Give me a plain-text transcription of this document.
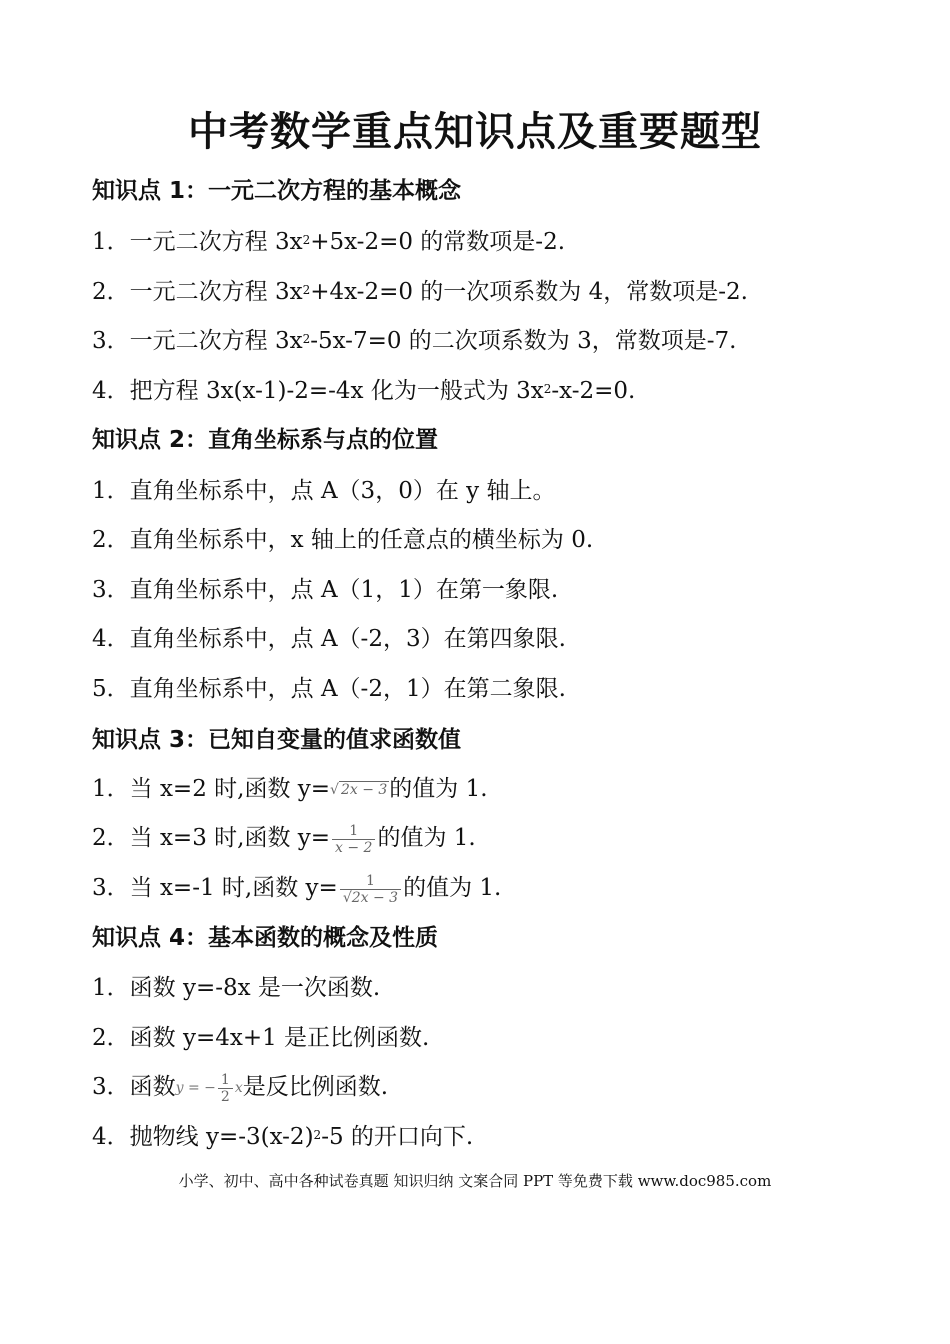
中考数学重点知识点及重要题型
知识点 1：一元二次方程的基本概念
1．一元二次方程 $3x^2+5x-2=0$ 的常数项是-2.
2．一元二次方程 $3x^2+4x-2=0$ 的一次项系数为 4，常数项是-2.
3．一元二次方程 $3x^2-5x-7=0$ 的二次项系数为 3，常数项是-7.
4．把方程 3x(x-1)-2=-4x 化为一般式为 $3x^2-x-2=0$.
知识点 2：直角坐标系与点的位置
1．直角坐标系中，点 A（3，0）在 y 轴上。
2．直角坐标系中，x 轴上的任意点的横坐标为 0.
3．直角坐标系中，点 A（1，1）在第一象限.
4．直角坐标系中，点 A（-2，3）在第四象限.
5．直角坐标系中，点 A（-2，1）在第二象限.
知识点 3：已知自变量的值求函数值
1．当 x=2 时,函数 y=√ 2x − 3的值为 1.
2．当 x=3 时,函数 $y= \frac{1}{x - 2}$ 的值为 1.
3．当 x=-1 时,函数 $y= \frac{1}{√2x - 3}$ 的值为 1.
知识点 4：基本函数的概念及性质
1．函数 y=-8x 是一次函数.
2．函数 y=4x+1 是正比例函数.
3．函数y = − $\frac{1}{2}$ x是反比例函数.
4．抛物线 $y=-3(x-2)^2-5$ 的开口向下.
小学、初中、高中各种试卷真题 知识归纳 文案合同 PPT 等免费下载 www.doc985.com
